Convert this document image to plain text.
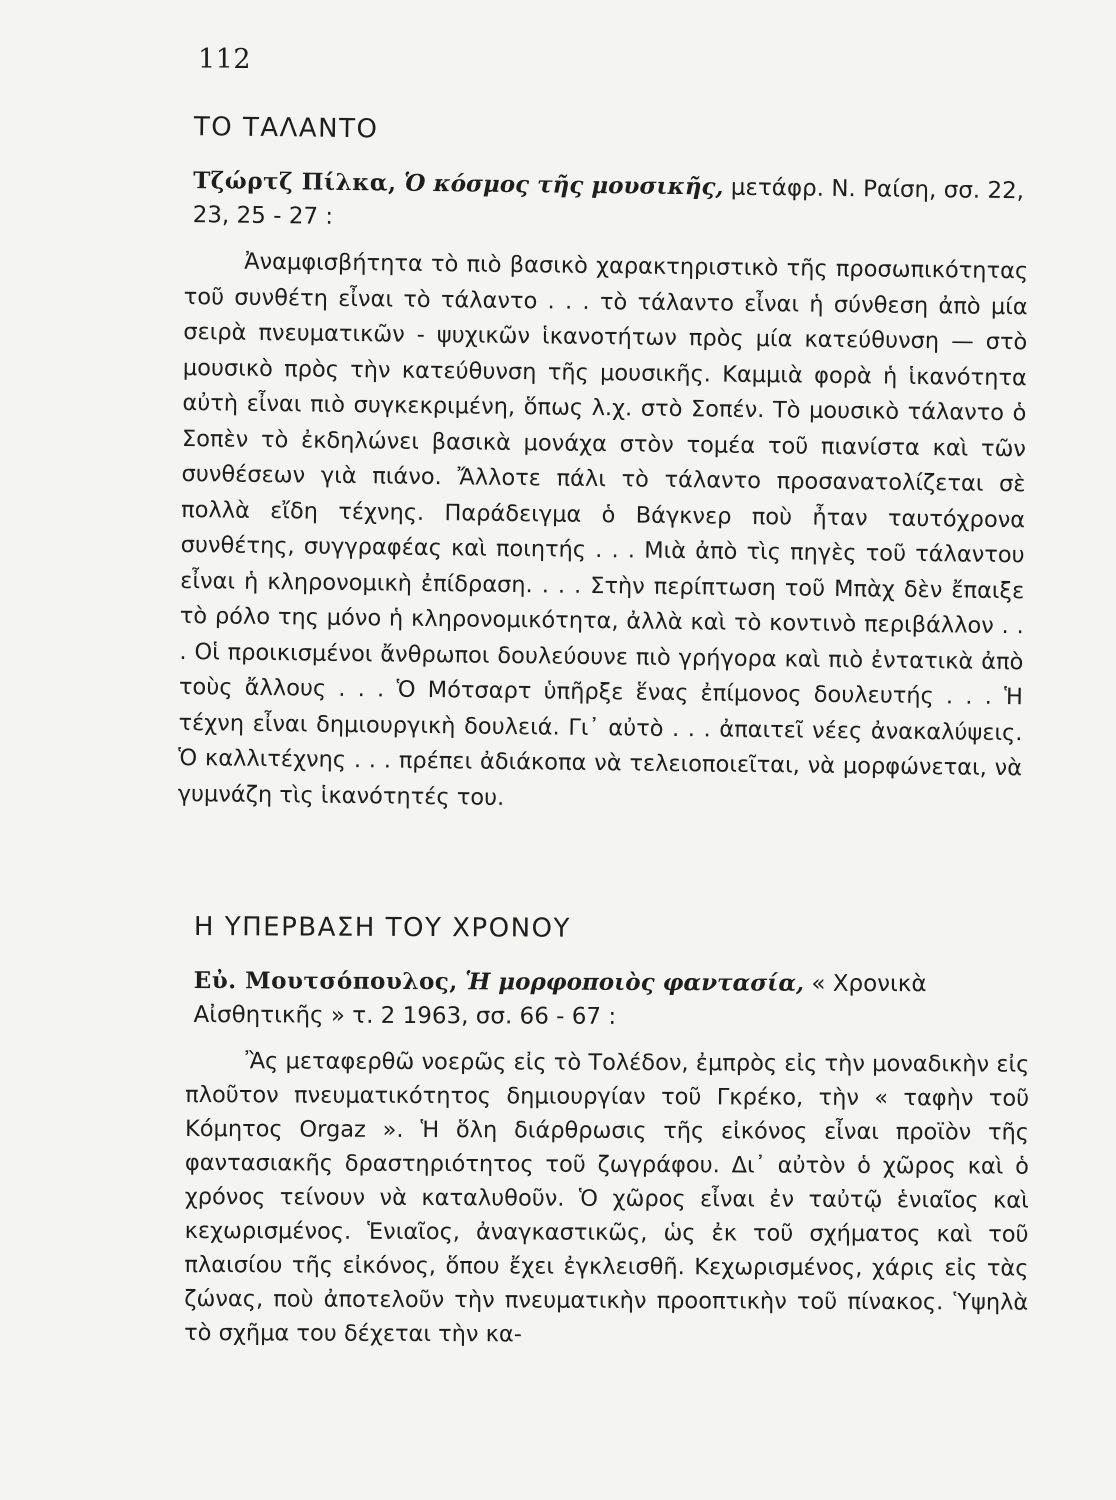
112
ΤΟ ΤΑΛΑΝΤΟ

Τζώρτζ Πίλκα, Ὁ κόσμος τῆς μουσικῆς, μετάφρ. Ν. Ραίση, σσ. 22, 23, 25 - 27 :

Ἀναμφισβήτητα τὸ πιὸ βασικὸ χαρακτηριστικὸ τῆς προσωπικότητας τοῦ συνθέτη εἶναι τὸ τάλαντο . . . τὸ τάλαντο εἶναι ἡ σύνθεση ἀπὸ μία σειρὰ πνευματικῶν - ψυχικῶν ἱκανοτήτων πρὸς μία κατεύθυνση — στὸ μουσικὸ πρὸς τὴν κατεύθυνση τῆς μουσικῆς. Καμμιὰ φορὰ ἡ ἱκανότητα αὐτὴ εἶναι πιὸ συγκεκριμένη, ὅπως λ.χ. στὸ Σοπέν. Τὸ μουσικὸ τάλαντο ὁ Σοπὲν τὸ ἐκδηλώνει βασικὰ μονάχα στὸν τομέα τοῦ πιανίστα καὶ τῶν συνθέσεων γιὰ πιάνο. Ἄλλοτε πάλι τὸ τάλαντο προσανατολίζεται σὲ πολλὰ εἴδη τέχνης. Παράδειγμα ὁ Βάγκνερ ποὺ ἦταν ταυτόχρονα συνθέτης, συγγραφέας καὶ ποιητής . . . Μιὰ ἀπὸ τὶς πηγὲς τοῦ τάλαντου εἶναι ἡ κληρονομικὴ ἐπίδραση. . . . Στὴν περίπτωση τοῦ Μπὰχ δὲν ἔπαιξε τὸ ρόλο της μόνο ἡ κληρονομικότητα, ἀλλὰ καὶ τὸ κοντινὸ περιβάλλον . . . Οἱ προικισμένοι ἄνθρωποι δουλεύουνε πιὸ γρήγορα καὶ πιὸ ἐντατικὰ ἀπὸ τοὺς ἄλλους . . . Ὁ Μότσαρτ ὑπῆρξε ἕνας ἐπίμονος δουλευτής . . . Ἡ τέχνη εἶναι δημιουργικὴ δουλειά. Γι᾽ αὐτὸ . . . ἀπαιτεῖ νέες ἀνακαλύψεις. Ὁ καλλιτέχνης . . . πρέπει ἀδιάκοπα νὰ τελειοποιεῖται, νὰ μορφώνεται, νὰ γυμνάζη τὶς ἱκανότητές του.

Η ΥΠΕΡΒΑΣΗ ΤΟΥ ΧΡΟΝΟΥ

Εὐ. Μουτσόπουλος, Ἡ μορφοποιὸς φαντασία, « Χρονικὰ Αἰσθητικῆς » τ. 2 1963, σσ. 66 - 67 :

Ἂς μεταφερθῶ νοερῶς εἰς τὸ Τολέδον, ἐμπρὸς εἰς τὴν μοναδικὴν εἰς πλοῦτον πνευματικότητος δημιουργίαν τοῦ Γκρέκο, τὴν « ταφὴν τοῦ Κόμητος Orgaz ». Ἡ ὅλη διάρθρωσις τῆς εἰκόνος εἶναι προϊὸν τῆς φαντασιακῆς δραστηριότητος τοῦ ζωγράφου. Δι᾽ αὐτὸν ὁ χῶρος καὶ ὁ χρόνος τείνουν νὰ καταλυθοῦν. Ὁ χῶρος εἶναι ἐν ταὐτῷ ἑνιαῖος καὶ κεχωρισμένος. Ἑνιαῖος, ἀναγκαστικῶς, ὡς ἐκ τοῦ σχήματος καὶ τοῦ πλαισίου τῆς εἰκόνος, ὅπου ἔχει ἐγκλεισθῆ. Κεχωρισμένος, χάρις εἰς τὰς ζώνας, ποὺ ἀποτελοῦν τὴν πνευματικὴν προοπτικὴν τοῦ πίνακος. Ὑψηλὰ τὸ σχῆμα του δέχεται τὴν κα-
